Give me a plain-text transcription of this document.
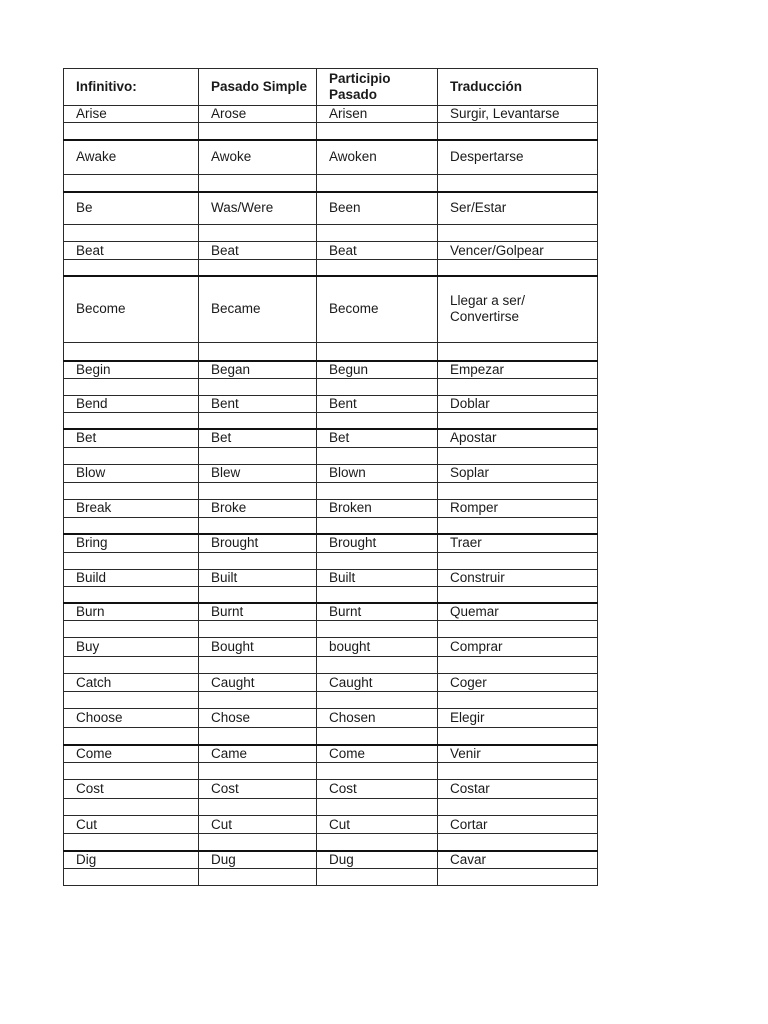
Infinitivo:	Pasado Simple	Participio Pasado	Traducción
Arise	Arose	Arisen	Surgir, Levantarse

Awake	Awoke	Awoken	Despertarse

Be	Was/Were	Been	Ser/Estar

Beat	Beat	Beat	Vencer/Golpear

Become	Became	Become	Llegar a ser/ Convertirse

Begin	Began	Begun	Empezar

Bend	Bent	Bent	Doblar

Bet	Bet	Bet	Apostar

Blow	Blew	Blown	Soplar

Break	Broke	Broken	Romper

Bring	Brought	Brought	Traer

Build	Built	Built	Construir

Burn	Burnt	Burnt	Quemar

Buy	Bought	bought	Comprar

Catch	Caught	Caught	Coger

Choose	Chose	Chosen	Elegir

Come	Came	Come	Venir

Cost	Cost	Cost	Costar

Cut	Cut	Cut	Cortar

Dig	Dug	Dug	Cavar
